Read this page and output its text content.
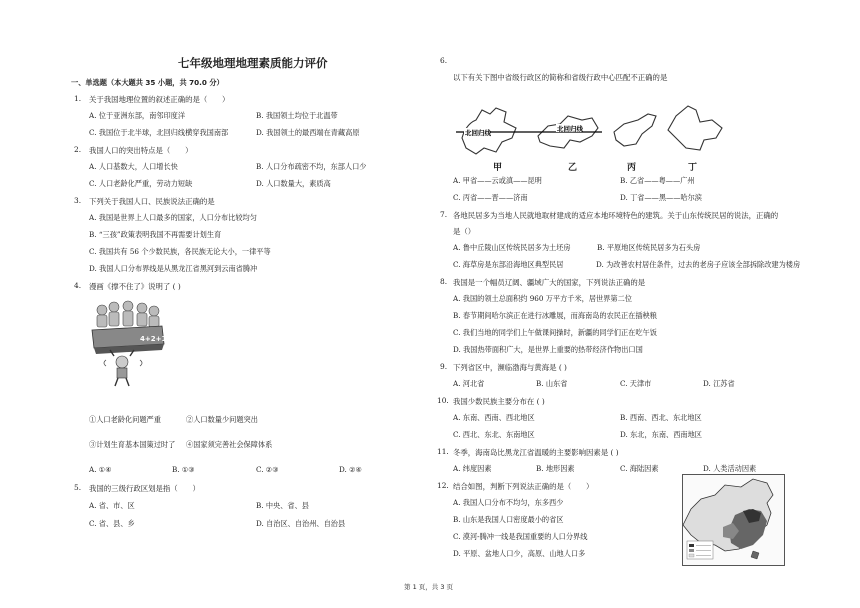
七年级地理地理素质能力评价
一、单选题（本大题共 35 小题，共 70.0 分）
1. 关于我国地理位置的叙述正确的是（　　）
A. 位于亚洲东部，南邻印度洋	B. 我国领土均位于北温带
C. 我国位于北半球，北回归线横穿我国南部	D. 我国领土的最西端在青藏高原
2. 我国人口的突出特点是（　　）
A. 人口基数大，人口增长快	B. 人口分布疏密不均，东部人口少
C. 人口老龄化严重，劳动力短缺	D. 人口数量大，素质高
3. 下列关于我国人口、民族说法正确的是
A. 我国是世界上人口最多的国家，人口分布比较均匀
B. “三孩”政策表明我国不再需要计划生育
C. 我国共有 56 个少数民族，各民族无论大小，一律平等
D. 我国人口分布界线是从黑龙江省黑河到云南省腾冲
4. 漫画《撑不住了》说明了 ( )
4+2+1
①人口老龄化问题严重	②人口数量少问题突出
③计划生育基本国策过时了 ④国家须完善社会保障体系
A. ①④	B. ①③	C. ②③	D. ②④
5. 我国的三级行政区划是指（　　）
A. 省、市、区	B. 中央、省、县
C. 省、县、乡	D. 自治区、自治州、自治县
6.
以下有关下图中省级行政区的简称和省级行政中心匹配不正确的是
北回归线	北回归线
甲	乙	丙	丁
A. 甲省——云或滇——昆明	B. 乙省——粤——广州
C. 丙省——晋——济南	D. 丁省——黑——哈尔滨
7. 各地民居多为当地人民就地取材建成的适应本地环境特色的建筑。关于山东传统民居的说法，正确的
是（）
A. 鲁中丘陵山区传统民居多为土坯房	B. 平原地区传统民居多为石头房
C. 海草房是东部沿海地区典型民居	D. 为改善农村居住条件，过去的老房子应该全部拆除改建为楼房
8. 我国是一个幅员辽阔、疆域广大的国家，下列说法正确的是
A. 我国的领土总面积约 960 万平方千米，居世界第二位
B. 春节期间哈尔滨正在进行冰雕展，而海南岛的农民正在插秧粮
C. 我们当地的同学们上午做课间操时，新疆的同学们正在吃午饭
D. 我国热带面积广大，是世界上重要的热带经济作物出口国
9. 下列省区中，濒临渤海与黄海是 ( )
A. 河北省	B. 山东省	C. 天津市	D. 江苏省
10. 我国少数民族主要分布在 ( )
A. 东南、西南、西北地区	B. 西南、西北、东北地区
C. 西北、东北、东南地区	D. 东北，东南、西南地区
11. 冬季，海南岛比黑龙江省温暖的主要影响因素是 ( )
A. 纬度因素	B. 地形因素	C. 海陆因素	D. 人类活动因素
12. 结合如图，判断下列说法正确的是（　　）
A. 我国人口分布不均匀，东多西少
B. 山东是我国人口密度最小的省区
C. 漠河-腾冲一线是我国重要的人口分界线
D. 平原、盆地人口少，高原、山地人口多
第 1 页，共 3 页
